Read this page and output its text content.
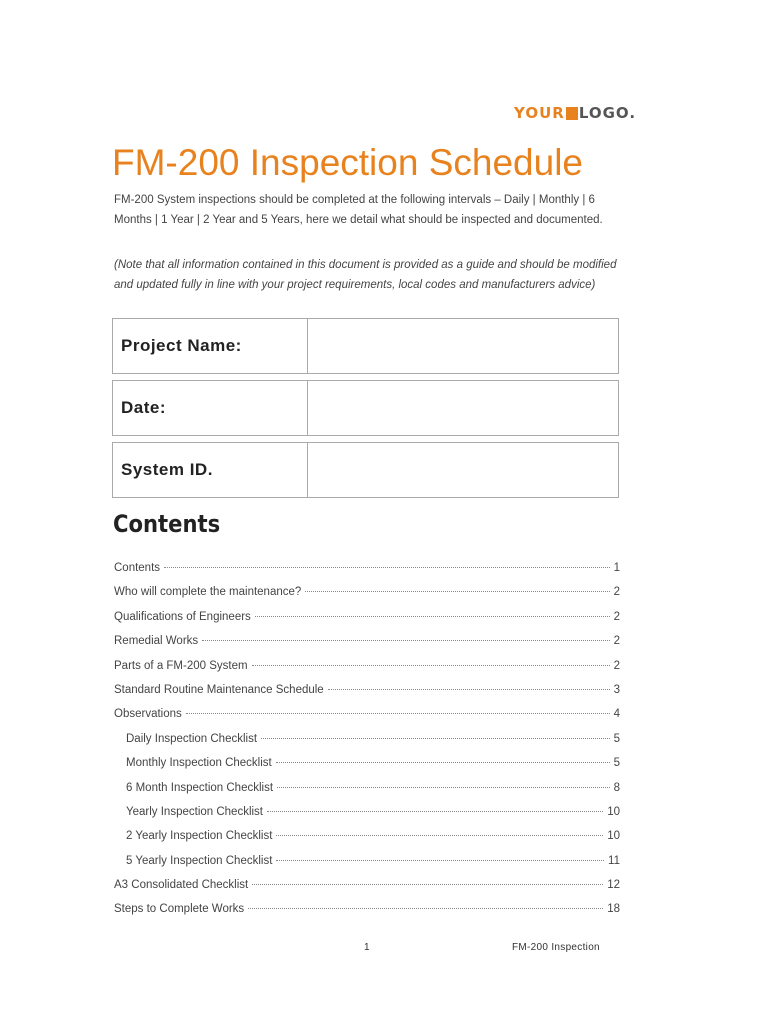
YOUR LOGO.
FM-200 Inspection Schedule

FM-200 System inspections should be completed at the following intervals – Daily | Monthly | 6 Months | 1 Year | 2 Year and 5 Years, here we detail what should be inspected and documented.

(Note that all information contained in this document is provided as a guide and should be modified and updated fully in line with your project requirements, local codes and manufacturers advice)

Project Name:
Date:
System ID.
Contents
Contents	1
Who will complete the maintenance?	2
Qualifications of Engineers	2
Remedial Works	2
Parts of a FM-200 System	2
Standard Routine Maintenance Schedule	3
Observations	4
Daily Inspection Checklist	5
Monthly Inspection Checklist	5
6 Month Inspection Checklist	8
Yearly Inspection Checklist	10
2 Yearly Inspection Checklist	10
5 Yearly Inspection Checklist	11
A3 Consolidated Checklist	12
Steps to Complete Works	18
1	FM-200 Inspection
